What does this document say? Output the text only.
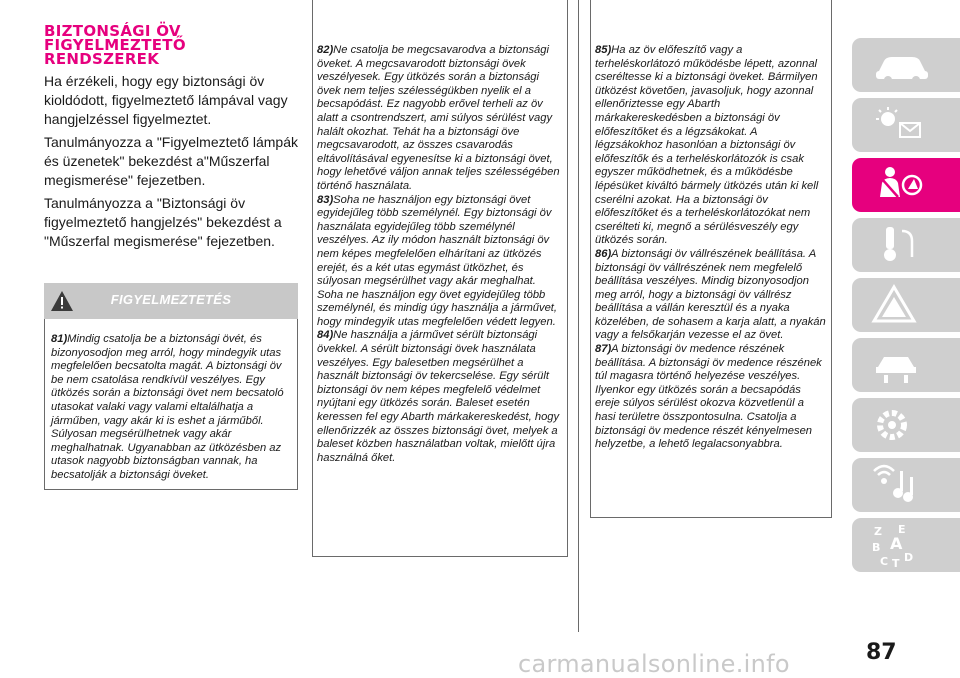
BIZTONSÁGI ÖV
FIGYELMEZTETŐ
RENDSZEREK

Ha érzékeli, hogy egy biztonsági öv kioldódott, figyelmeztető lámpával vagy hangjelzéssel figyelmeztet.

Tanulmányozza a "Figyelmeztető lámpák és üzenetek" bekezdést a"Műszerfal megismerése" fejezetben.

Tanulmányozza a "Biztonsági öv figyelmeztető hangjelzés" bekezdést a "Műszerfal megismerése" fejezetben.

FIGYELMEZTETÉS

81)Mindig csatolja be a biztonsági övét, és bizonyosodjon meg arról, hogy mindegyik utas megfelelően becsatolta magát. A biztonsági öv be nem csatolása rendkívül veszélyes. Egy ütközés során a biztonsági övet nem becsatoló utasokat valaki vagy valami eltalálhatja a járműben, vagy akár ki is eshet a járműből. Súlyosan megsérülhetnek vagy akár meghalhatnak. Ugyanabban az ütközésben az utasok nagyobb biztonságban vannak, ha becsatolják a biztonsági öveket.

82)Ne csatolja be megcsavarodva a biztonsági öveket. A megcsavarodott biztonsági övek veszélyesek. Egy ütközés során a biztonsági övek nem teljes szélességükben nyelik el a becsapódást. Ez nagyobb erővel terheli az öv alatt a csontrendszert, ami súlyos sérülést vagy halált okozhat. Tehát ha a biztonsági öve megcsavarodott, az összes csavarodás eltávolításával egyenesítse ki a biztonsági övet, hogy lehetővé váljon annak teljes szélességében történő használata.

83)Soha ne használjon egy biztonsági övet egyidejűleg több személynél. Egy biztonsági öv használata egyidejűleg több személynél veszélyes. Az ily módon használt biztonsági öv nem képes megfelelően elhárítani az ütközés erejét, és a két utas egymást ütközhet, és súlyosan megsérülhet vagy akár meghalhat. Soha ne használjon egy övet egyidejűleg több személynél, és mindig úgy használja a járművet, hogy mindegyik utas megfelelően védett legyen.

84)Ne használja a járművet sérült biztonsági övekkel. A sérült biztonsági övek használata veszélyes. Egy balesetben megsérülhet a használt biztonsági öv tekercselése. Egy sérült biztonsági öv nem képes megfelelő védelmet nyújtani egy ütközés során. Baleset esetén keressen fel egy Abarth márkakereskedést, hogy ellenőrizzék az összes biztonsági övet, melyek a baleset közben használatban voltak, mielőtt újra használná őket.

85)Ha az öv előfeszítő vagy a terheléskorlátozó működésbe lépett, azonnal cseréltesse ki a biztonsági öveket. Bármilyen ütközést követően, javasoljuk, hogy azonnal ellenőriztesse egy Abarth márkakereskedésben a biztonsági öv előfeszítőket és a légzsákokat. A légzsákokhoz hasonlóan a biztonsági öv előfeszítők és a terheléskorlátozók is csak egyszer működhetnek, és a működésbe lépésüket kiváltó bármely ütközés után ki kell cserélni azokat. Ha a biztonsági öv előfeszítőket és a terheléskorlátozókat nem cserélteti ki, megnő a sérülésveszély egy ütközés során.

86)A biztonsági öv vállrészének beállítása. A biztonsági öv vállrészének nem megfelelő beállítása veszélyes. Mindig bizonyosodjon meg arról, hogy a biztonsági öv vállrész beállítása a vállán keresztül és a nyaka közelében, de sohasem a karja alatt, a nyakán vagy a felsőkarján vezesse el az övet.

87)A biztonsági öv medence részének beállítása. A biztonsági öv medence részének túl magasra történő helyezése veszélyes. Ilyenkor egy ütközés során a becsapódás ereje súlyos sérülést okozva közvetlenül a hasi területre összpontosulna. Csatolja a biztonsági öv medence részét kényelmesen helyzetbe, a lehető legalacsonyabbra.

Z E
B A
C T D
carmanualsonline.info	87
